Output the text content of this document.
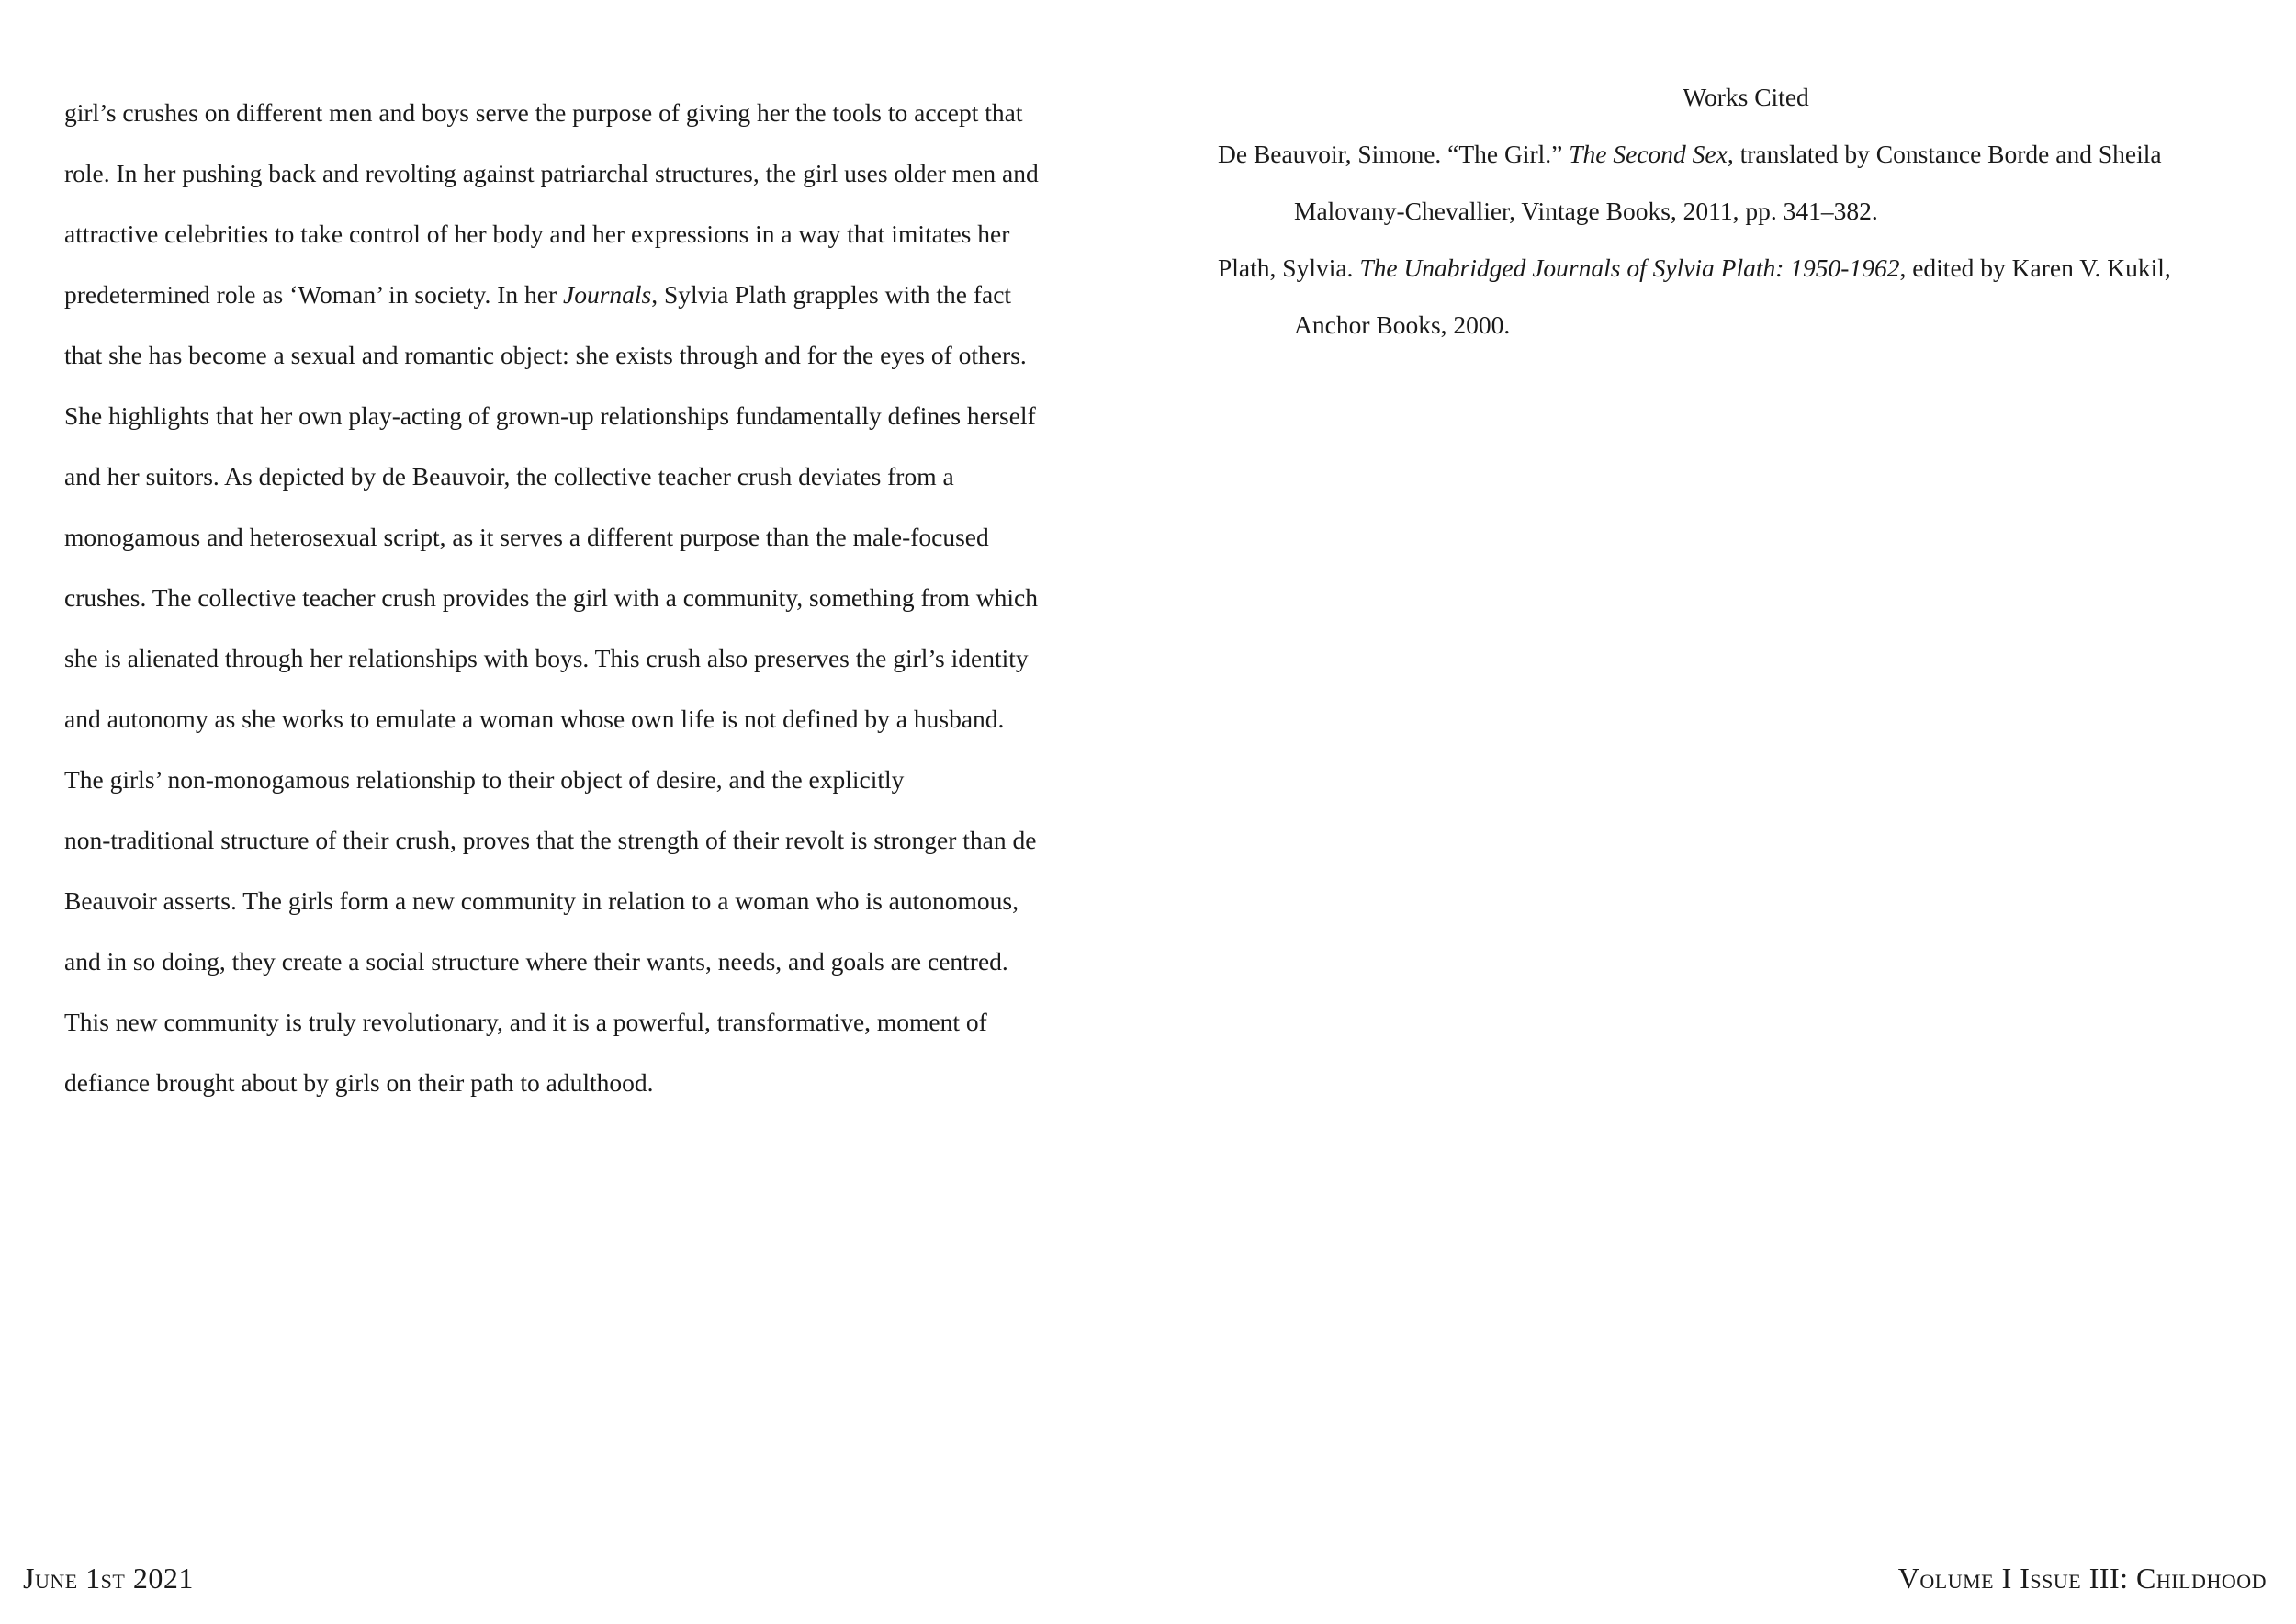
girl’s crushes on different men and boys serve the purpose of giving her the tools to accept that
role. In her pushing back and revolting against patriarchal structures, the girl uses older men and
attractive celebrities to take control of her body and her expressions in a way that imitates her
predetermined role as ‘Woman’ in society. In her Journals, Sylvia Plath grapples with the fact
that she has become a sexual and romantic object: she exists through and for the eyes of others.
She highlights that her own play-acting of grown-up relationships fundamentally defines herself
and her suitors. As depicted by de Beauvoir, the collective teacher crush deviates from a
monogamous and heterosexual script, as it serves a different purpose than the male-focused
crushes. The collective teacher crush provides the girl with a community, something from which
she is alienated through her relationships with boys. This crush also preserves the girl’s identity
and autonomy as she works to emulate a woman whose own life is not defined by a husband.
The girls’ non-monogamous relationship to their object of desire, and the explicitly
non-traditional structure of their crush, proves that the strength of their revolt is stronger than de
Beauvoir asserts. The girls form a new community in relation to a woman who is autonomous,
and in so doing, they create a social structure where their wants, needs, and goals are centred.
This new community is truly revolutionary, and it is a powerful, transformative, moment of
defiance brought about by girls on their path to adulthood.
Works Cited
De Beauvoir, Simone. “The Girl.” The Second Sex, translated by Constance Borde and Sheila
Malovany-Chevallier, Vintage Books, 2011, pp. 341–382.
Plath, Sylvia. The Unabridged Journals of Sylvia Plath: 1950-1962, edited by Karen V. Kukil,
Anchor Books, 2000.
June 1st 2021	Volume I Issue III: Childhood
